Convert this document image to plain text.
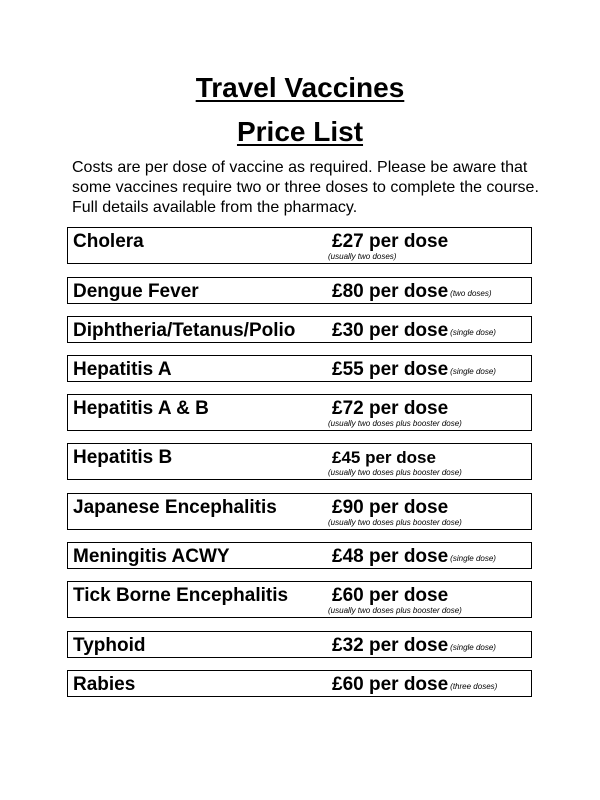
Travel Vaccines
Price List
Costs are per dose of vaccine as required. Please be aware that some vaccines require two or three doses to complete the course. Full details available from the pharmacy.
Cholera	£27 per dose
(usually two doses)
Dengue Fever	£80 per dose (two doses)
Diphtheria/Tetanus/Polio £30 per dose (single dose)
Hepatitis A	£55 per dose (single dose)
Hepatitis A & B	£72 per dose
(usually two doses plus booster dose)
Hepatitis B	£45 per dose
(usually two doses plus booster dose)
Japanese Encephalitis	£90 per dose
(usually two doses plus booster dose)
Meningitis ACWY	£48 per dose (single dose)
Tick Borne Encephalitis £60 per dose
(usually two doses plus booster dose)
Typhoid	£32 per dose (single dose)
Rabies	£60 per dose (three doses)
